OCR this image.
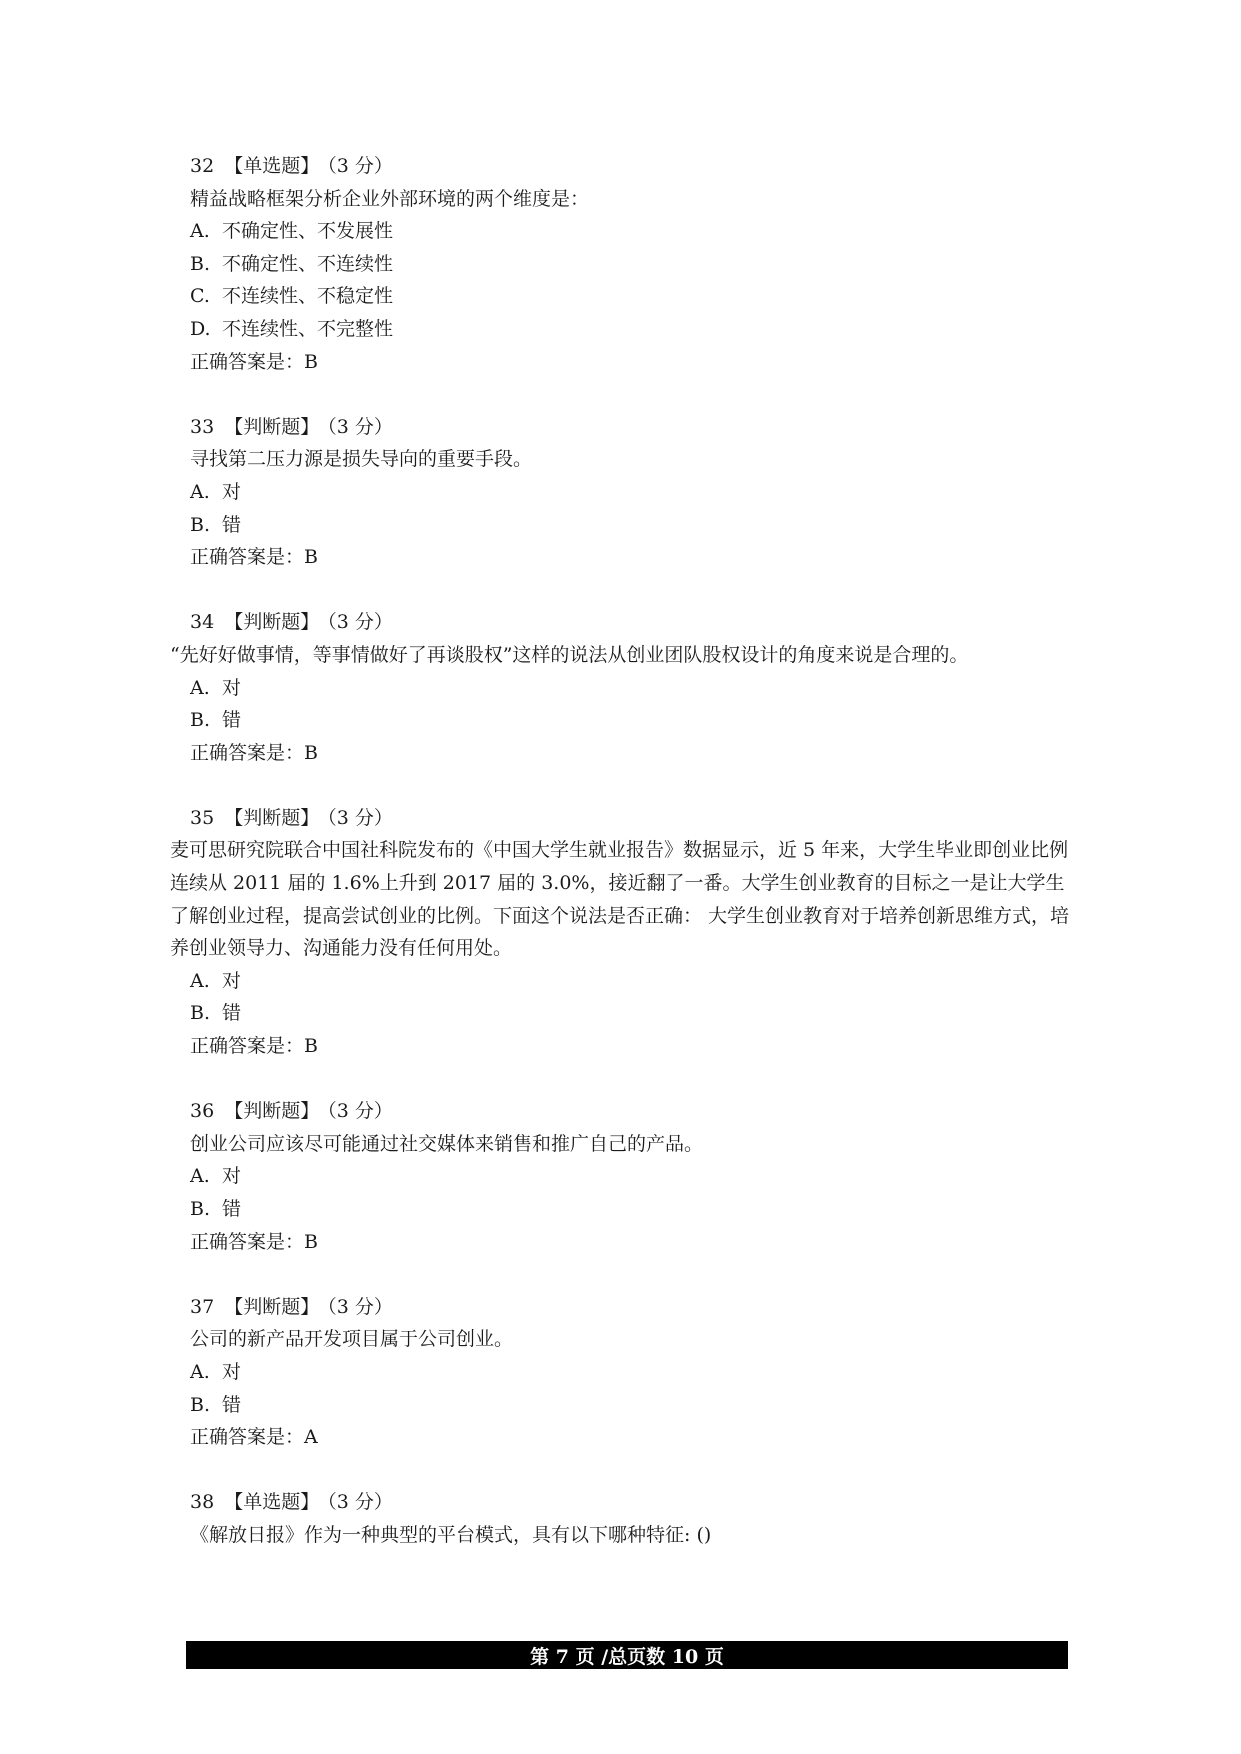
32 【单选题】 （3 分）
精益战略框架分析企业外部环境的两个维度是：
A. 不确定性、不发展性
B. 不确定性、不连续性
C. 不连续性、不稳定性
D. 不连续性、不完整性
正确答案是：B
33 【判断题】 （3 分）
寻找第二压力源是损失导向的重要手段。
A. 对
B. 错
正确答案是：B
34 【判断题】 （3 分）
“先好好做事情，等事情做好了再谈股权”这样的说法从创业团队股权设计的角度来说是合理的。
A. 对
B. 错
正确答案是：B
35 【判断题】 （3 分）
麦可思研究院联合中国社科院发布的《中国大学生就业报告》数据显示，近 5 年来，大学生毕业即创业比例连续从 2011 届的 1.6%上升到 2017 届的 3.0%，接近翻了一番。大学生创业教育的目标之一是让大学生了解创业过程，提高尝试创业的比例。下面这个说法是否正确： 大学生创业教育对于培养创新思维方式，培养创业领导力、沟通能力没有任何用处。
A. 对
B. 错
正确答案是：B
36 【判断题】 （3 分）
创业公司应该尽可能通过社交媒体来销售和推广自己的产品。
A. 对
B. 错
正确答案是：B
37 【判断题】 （3 分）
公司的新产品开发项目属于公司创业。
A. 对
B. 错
正确答案是：A
38 【单选题】 （3 分）
《解放日报》作为一种典型的平台模式，具有以下哪种特征: ()
第 7 页 /总页数 10 页
